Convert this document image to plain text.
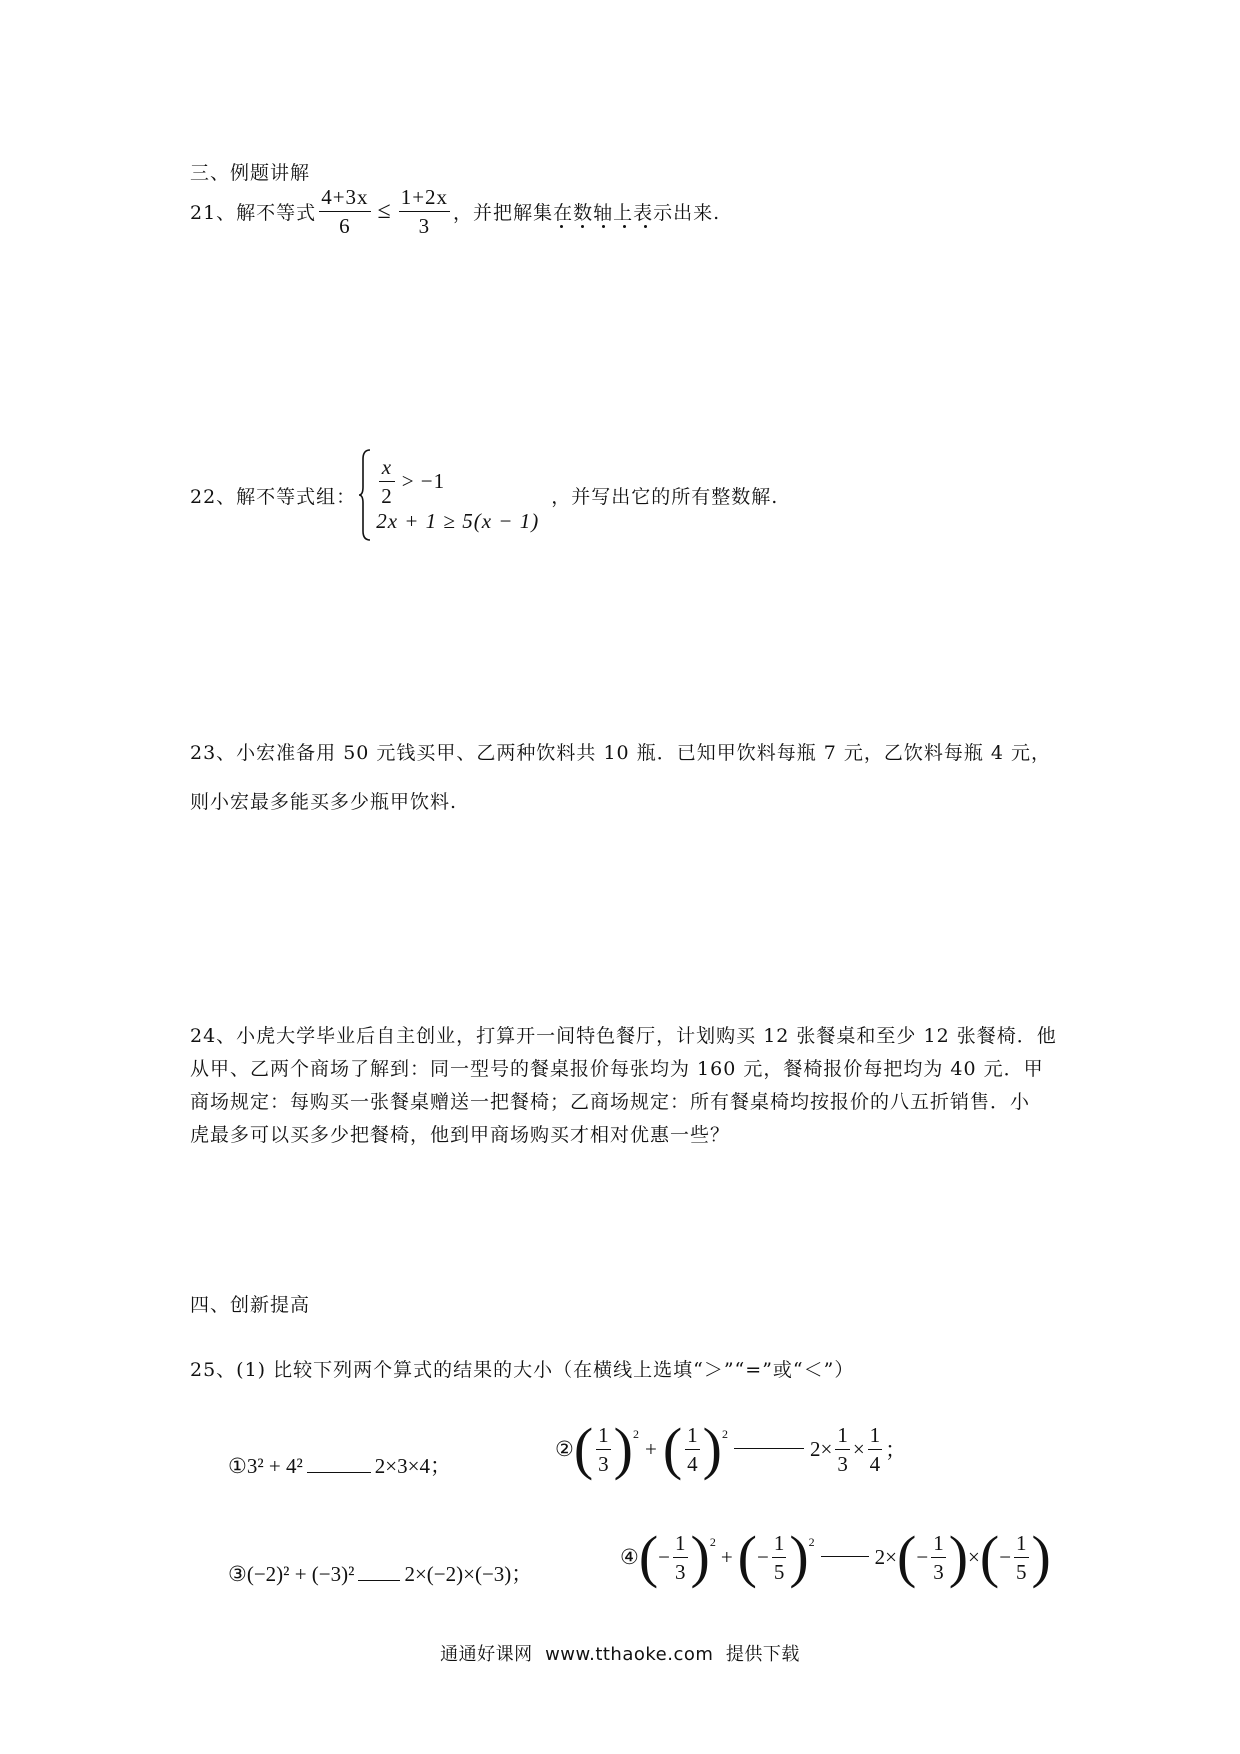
三、例题讲解
21、解不等式 $\frac{4+3x}{6} \le \frac{1+2x}{3}$ ，并把 解集在数轴上 表示出来.
22、解不等式组： $\frac{x}{2} > -1$
2x + 1 ≥ 5(x − 1)
，并写出它的所有整数解.
23、小宏准备用 50 元钱买甲、乙两种饮料共 10 瓶．已知甲饮料每瓶 7 元，乙饮料每瓶 4 元，
则小宏最多能买多少瓶甲饮料.
24、小虎大学毕业后自主创业，打算开一间特色餐厅，计划购买 12 张餐桌和至少 12 张餐椅．他
从甲、乙两个商场了解到：同一型号的餐桌报价每张均为 160 元，餐椅报价每把均为 40 元．甲
商场规定：每购买一张餐桌赠送一把餐椅；乙商场规定：所有餐桌椅均按报价的八五折销售．小
虎最多可以买多少把餐椅，他到甲商场购买才相对优惠一些？
四、创新提高
25、(1) 比较下列两个算式的结果的大小（在横线上选填“＞”“=”或“＜”）
① 3² + 4²	2×3×4；
② ( $\frac{1}{3}$ ) 2
+ ( $\frac{1}{4}$ ) 2
$2\times \frac{1}{3} \times \frac{1}{4}$ ；
③ (−2)² + (−3)² 2×(−2)×(−3)；
④ ( − $\frac{1}{3}$ ) 2
+ ( − $\frac{1}{5}$ ) 2
2× ( − $\frac{1}{3}$ ) × ( − $\frac{1}{5}$ )
通通好课网  www.tthaoke.com  提供下载
